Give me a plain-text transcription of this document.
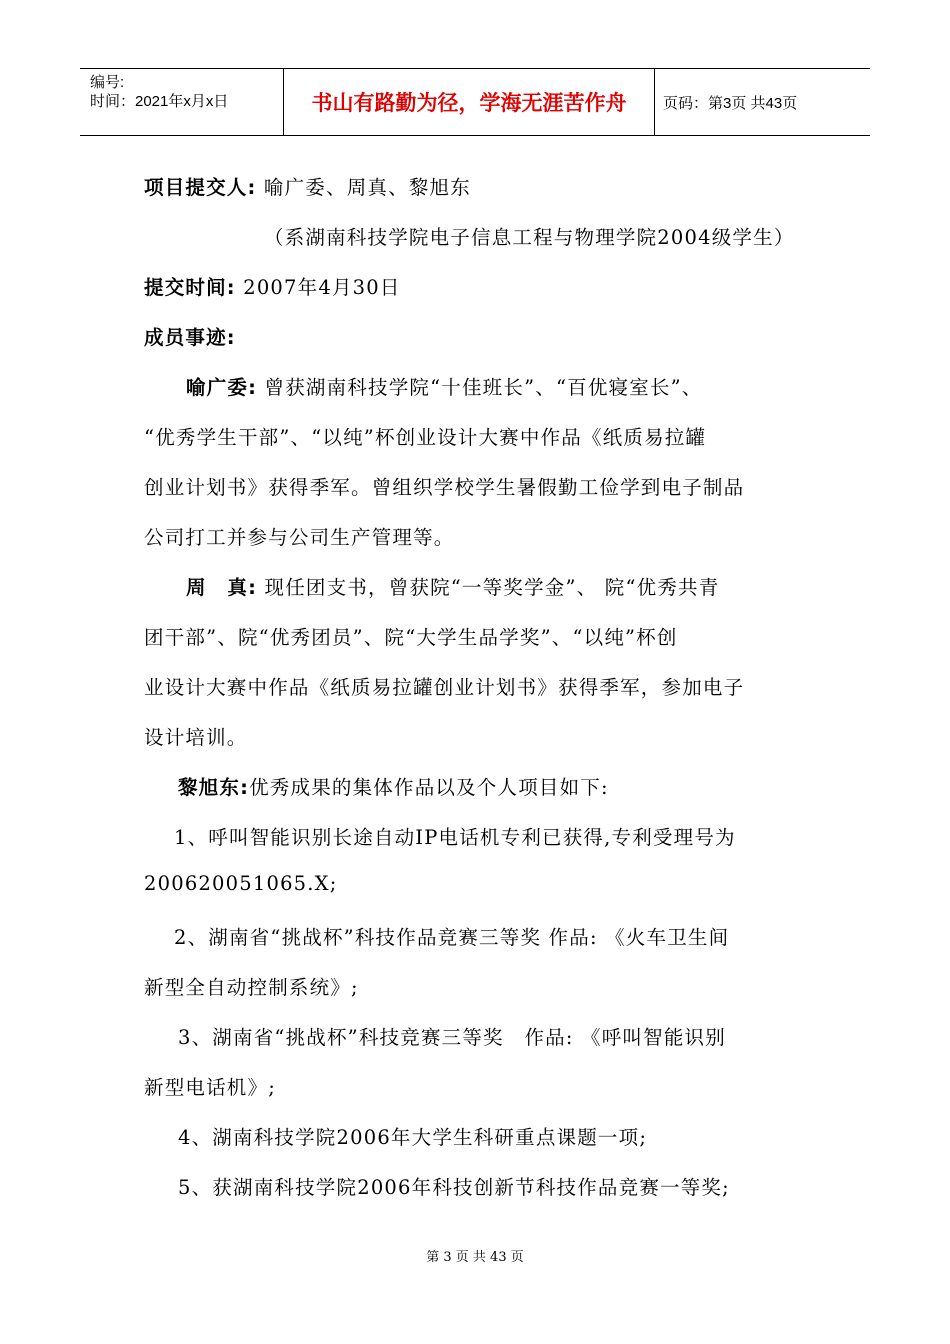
编号:
时间：2021年x月x日	书山有路勤为径，学海无涯苦作舟	页码：第3页 共43页
项目提交人: 喻广委、周真、黎旭东
（系湖南科技学院电子信息工程与物理学院2004级学生）
提交时间: 2007年4月30日
成员事迹:
喻广委: 曾获湖南科技学院“十佳班长”、“百优寝室长”、
“优秀学生干部”、“以纯”杯创业设计大赛中作品《纸质易拉罐
创业计划书》获得季军。曾组织学校学生暑假勤工俭学到电子制品
公司打工并参与公司生产管理等。
周　真: 现任团支书，曾获院“一等奖学金”、 院“优秀共青
团干部”、院“优秀团员”、院“大学生品学奖”、“以纯”杯创
业设计大赛中作品《纸质易拉罐创业计划书》获得季军，参加电子
设计培训。
黎旭东:优秀成果的集体作品以及个人项目如下:
1、呼叫智能识别长途自动IP电话机专利已获得,专利受理号为
200620051065.X;
2、湖南省“挑战杯”科技作品竞赛三等奖 作品: 《火车卫生间
新型全自动控制系统》;
3、湖南省“挑战杯”科技竞赛三等奖　作品: 《呼叫智能识别
新型电话机》;
4、湖南科技学院2006年大学生科研重点课题一项;
5、获湖南科技学院2006年科技创新节科技作品竞赛一等奖;
第 3 页 共 43 页
